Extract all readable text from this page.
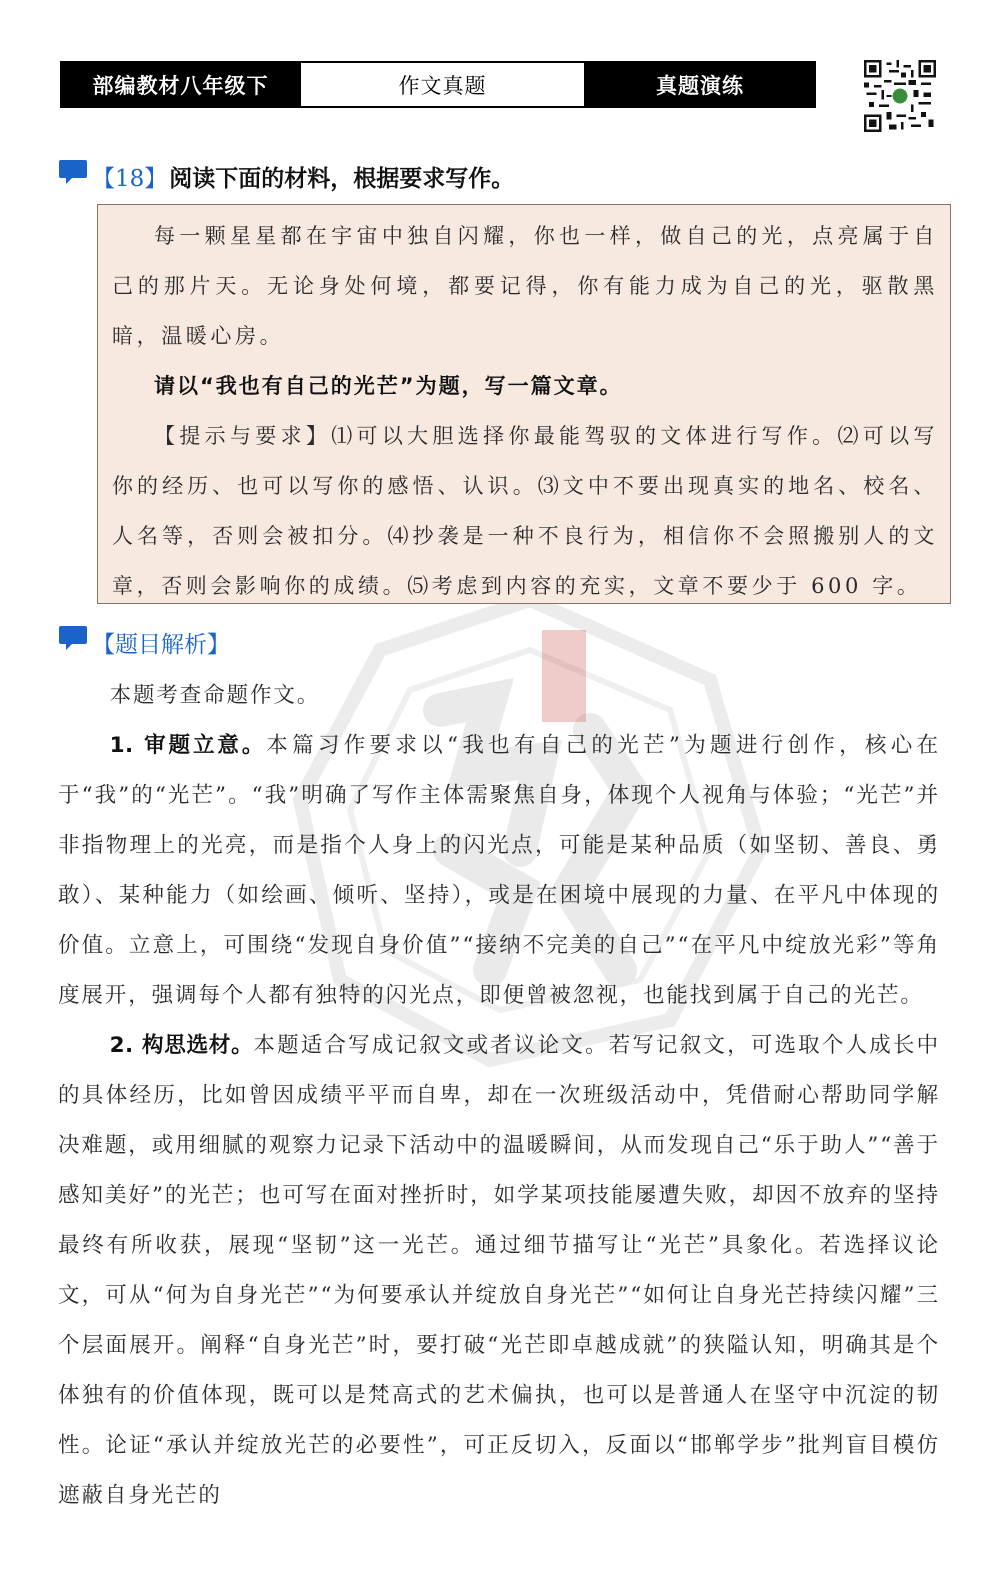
部编教材八年级下	作文真题	真题演练
【18】 阅读下面的材料，根据要求写作。

每一颗星星都在宇宙中独自闪耀，你也一样，做自己的光，点亮属于自己的那片天。无论身处何境，都要记得，你有能力成为自己的光，驱散黑暗，温暖心房。

请以“我也有自己的光芒”为题，写一篇文章。

【提示与要求】⑴可以大胆选择你最能驾驭的文体进行写作。⑵可以写你的经历、也可以写你的感悟、认识。⑶文中不要出现真实的地名、校名、人名等，否则会被扣分。⑷抄袭是一种不良行为，相信你不会照搬别人的文章，否则会影响你的成绩。⑸考虑到内容的充实，文章不要少于 600 字。

【题目解析】

本题考查命题作文。

1. 审题立意。本篇习作要求以“我也有自己的光芒”为题进行创作，核心在于“我”的“光芒”。“我”明确了写作主体需聚焦自身，体现个人视角与体验；“光芒”并非指物理上的光亮，而是指个人身上的闪光点，可能是某种品质（如坚韧、善良、勇敢）、某种能力（如绘画、倾听、坚持），或是在困境中展现的力量、在平凡中体现的价值。立意上，可围绕“发现自身价值”“接纳不完美的自己”“在平凡中绽放光彩”等角度展开，强调每个人都有独特的闪光点，即便曾被忽视，也能找到属于自己的光芒。

2. 构思选材。本题适合写成记叙文或者议论文。若写记叙文，可选取个人成长中的具体经历，比如曾因成绩平平而自卑，却在一次班级活动中，凭借耐心帮助同学解决难题，或用细腻的观察力记录下活动中的温暖瞬间，从而发现自己“乐于助人”“善于感知美好”的光芒；也可写在面对挫折时，如学某项技能屡遭失败，却因不放弃的坚持最终有所收获，展现“坚韧”这一光芒。通过细节描写让“光芒”具象化。若选择议论文，可从“何为自身光芒”“为何要承认并绽放自身光芒”“如何让自身光芒持续闪耀”三个层面展开。阐释“自身光芒”时，要打破“光芒即卓越成就”的狭隘认知，明确其是个体独有的价值体现，既可以是梵高式的艺术偏执，也可以是普通人在坚守中沉淀的韧性。论证“承认并绽放光芒的必要性”，可正反切入，反面以“邯郸学步”批判盲目模仿遮蔽自身光芒的
